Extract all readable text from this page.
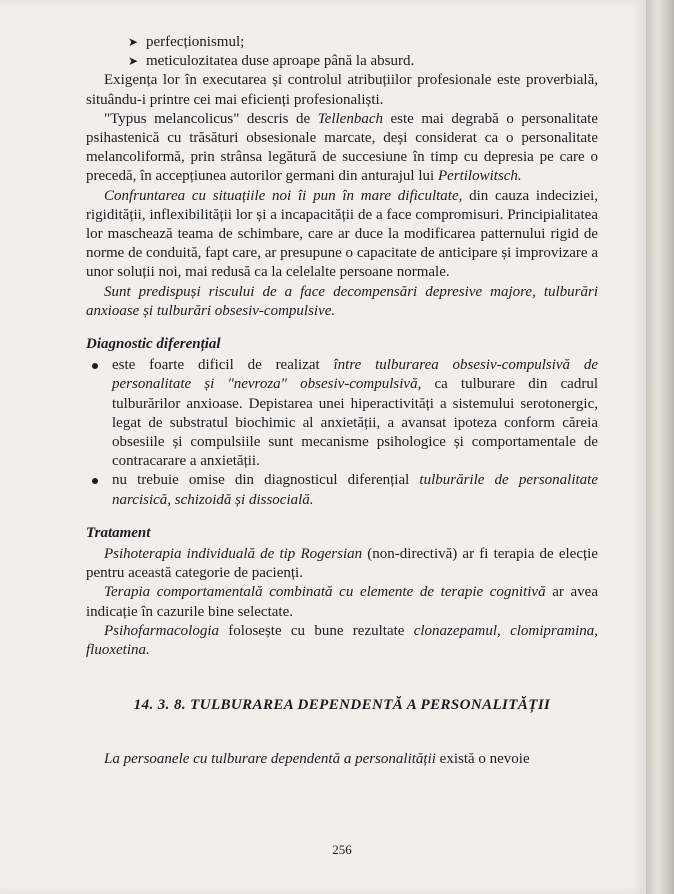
➤ perfecționismul;

➤ meticulozitatea duse aproape până la absurd.

Exigența lor în executarea și controlul atribuțiilor profesionale este proverbială, situându-i printre cei mai eficienți profesionaliști.

"Typus melancolicus" descris de Tellenbach este mai degrabă o personalitate psihastenică cu trăsături obsesionale marcate, deși considerat ca o personalitate melancoliformă, prin strânsa legătură de succesiune în timp cu depresia pe care o precedă, în accepțiunea autorilor germani din anturajul lui Pertilowitsch.

Confruntarea cu situațiile noi îi pun în mare dificultate, din cauza indeciziei, rigidității, inflexibilității lor și a incapacității de a face compromisuri. Principialitatea lor maschează teama de schimbare, care ar duce la modificarea patternului rigid de norme de conduită, fapt care, ar presupune o capacitate de anticipare și improvizare a unor soluții noi, mai redusă ca la celelalte persoane normale.

Sunt predispuși riscului de a face decompensări depresive majore, tulburări anxioase și tulburări obsesiv-compulsive.

Diagnostic diferențial

este foarte dificil de realizat între tulburarea obsesiv-compulsivă de personalitate și "nevroza" obsesiv-compulsivă, ca tulburare din cadrul tulburărilor anxioase. Depistarea unei hiperactivități a sistemului serotonergic, legat de substratul biochimic al anxietății, a avansat ipoteza conform căreia obsesiile și compulsiile sunt mecanisme psihologice și comportamentale de contracarare a anxietății.

nu trebuie omise din diagnosticul diferențial tulburările de personalitate narcisică, schizoidă și dissocială.

Tratament

Psihoterapia individuală de tip Rogersian (non-directivă) ar fi terapia de elecție pentru această categorie de pacienți.

Terapia comportamentală combinată cu elemente de terapie cognitivă ar avea indicație în cazurile bine selectate.

Psihofarmacologia folosește cu bune rezultate clonazepamul, clomipramina, fluoxetina.

14. 3. 8. TULBURAREA DEPENDENTĂ A PERSONALITĂȚII

La persoanele cu tulburare dependentă a personalității există o nevoie

256
